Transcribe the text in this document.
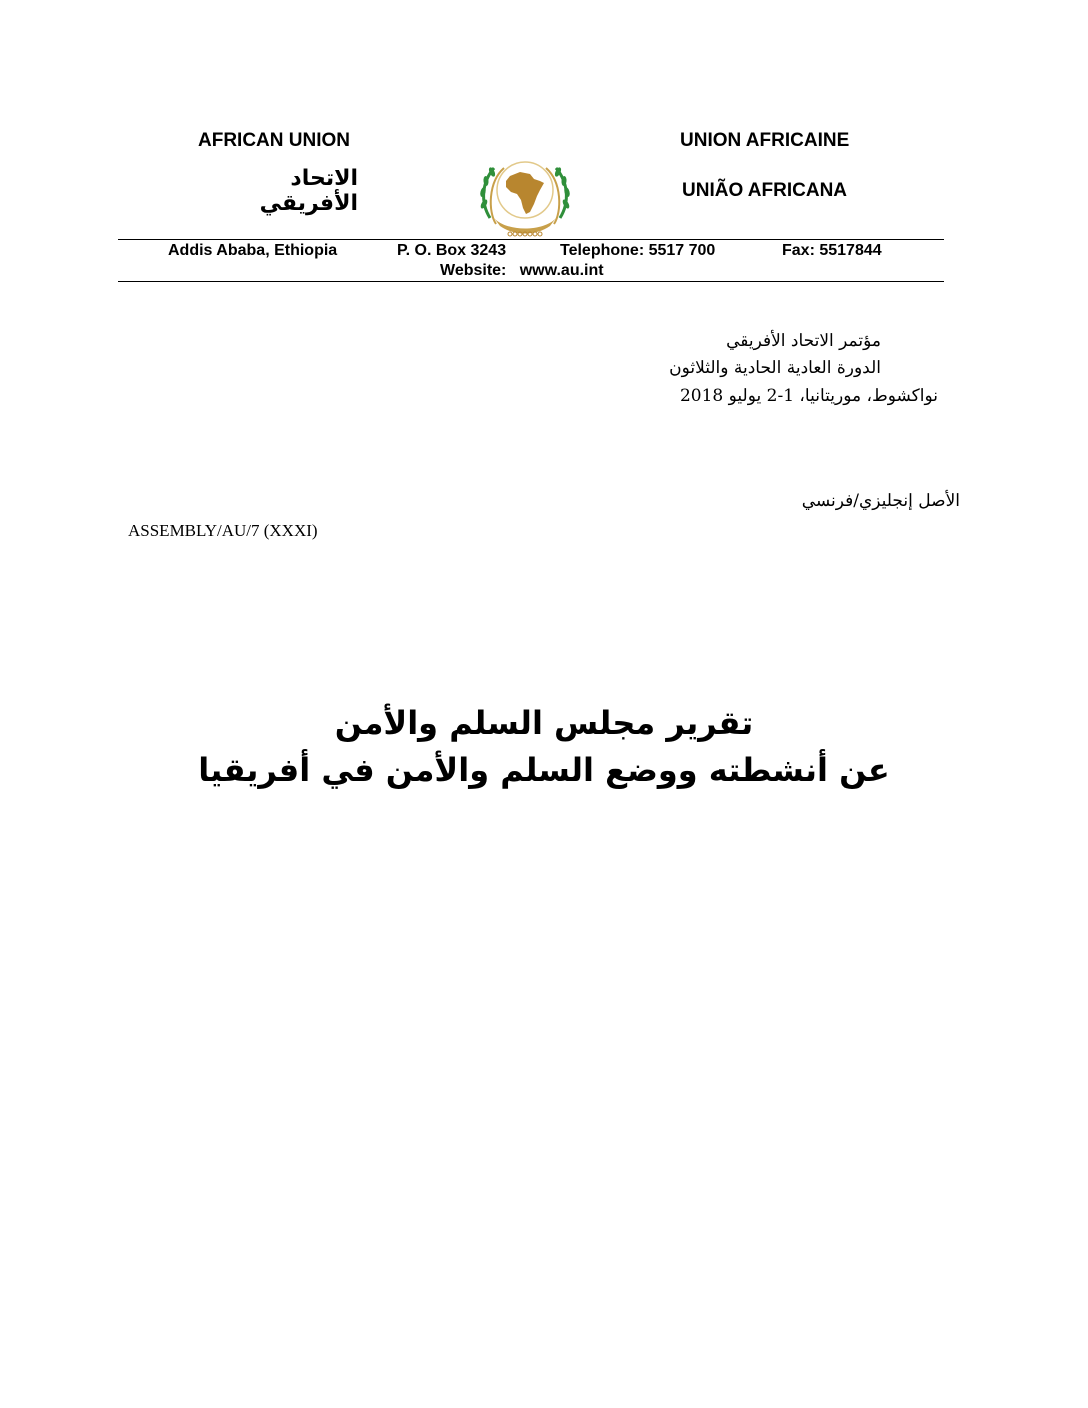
AFRICAN UNION
الاتحاد الأفريقي
UNION AFRICAINE
UNIÃO AFRICANA
Addis Ababa, Ethiopia	P. O. Box 3243	Telephone: 5517 700	Fax: 5517844
Website: www.au.int
مؤتمر الاتحاد الأفريقي
الدورة العادية الحادية والثلاثون
نواكشوط، موريتانيا، 1-2 يوليو 2018
الأصل إنجليزي/فرنسي
ASSEMBLY/AU/7 (XXXI)
تقرير مجلس السلم والأمن
عن أنشطته ووضع السلم والأمن في أفريقيا
